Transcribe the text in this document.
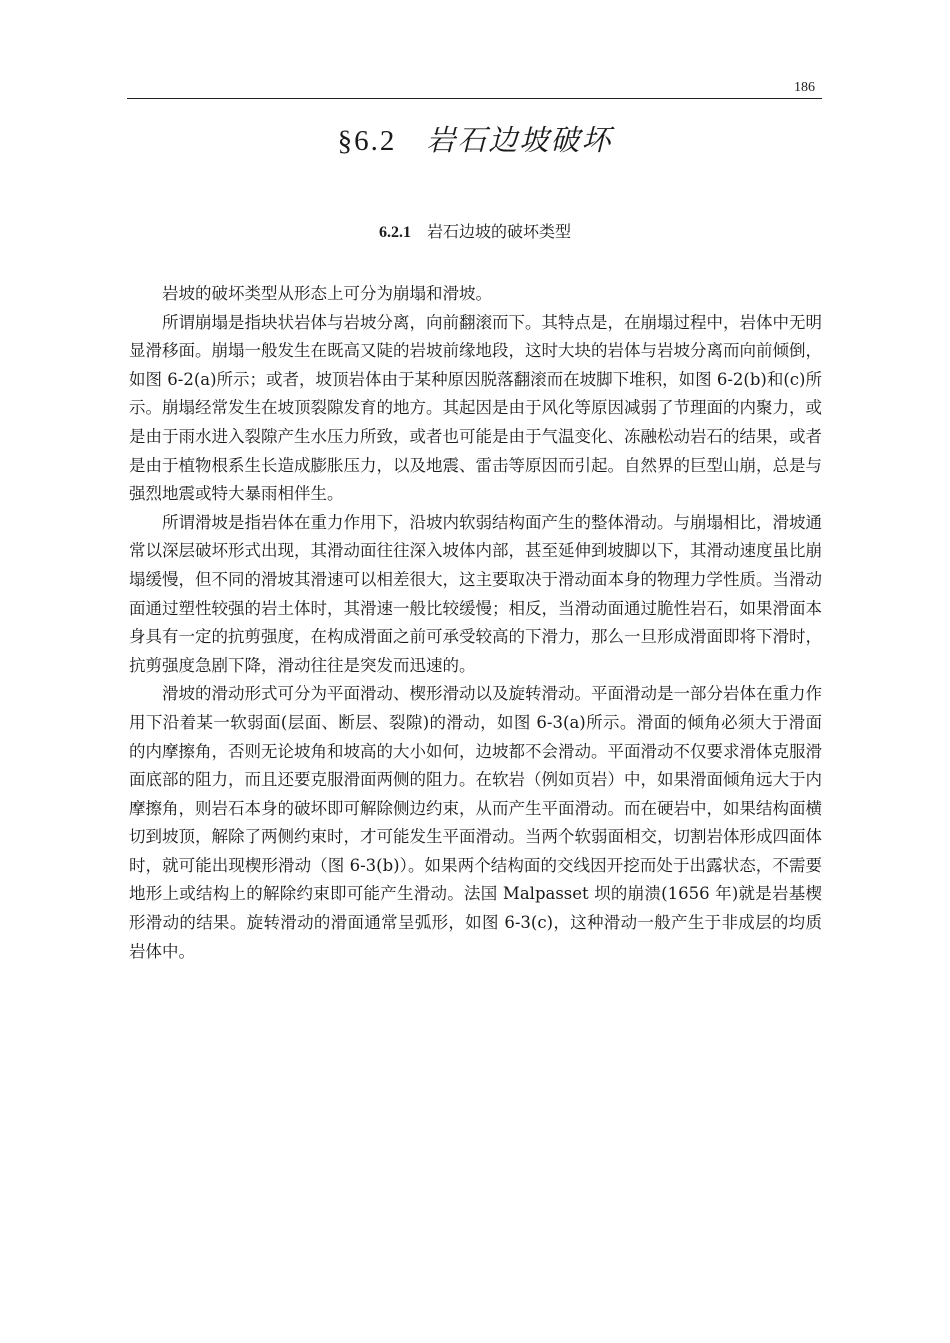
186
§6.2 岩石边坡破坏
6.2.1 岩石边坡的破坏类型

岩坡的破坏类型从形态上可分为崩塌和滑坡。

所谓崩塌是指块状岩体与岩坡分离，向前翻滚而下。其特点是，在崩塌过程中，岩体中无明显滑移面。崩塌一般发生在既高又陡的岩坡前缘地段，这时大块的岩体与岩坡分离而向前倾倒，如图 6-2(a)所示；或者，坡顶岩体由于某种原因脱落翻滚而在坡脚下堆积，如图 6-2(b)和(c)所示。崩塌经常发生在坡顶裂隙发育的地方。其起因是由于风化等原因减弱了节理面的内聚力，或是由于雨水进入裂隙产生水压力所致，或者也可能是由于气温变化、冻融松动岩石的结果，或者是由于植物根系生长造成膨胀压力，以及地震、雷击等原因而引起。自然界的巨型山崩，总是与强烈地震或特大暴雨相伴生。

所谓滑坡是指岩体在重力作用下，沿坡内软弱结构面产生的整体滑动。与崩塌相比，滑坡通常以深层破坏形式出现，其滑动面往往深入坡体内部，甚至延伸到坡脚以下，其滑动速度虽比崩塌缓慢，但不同的滑坡其滑速可以相差很大，这主要取决于滑动面本身的物理力学性质。当滑动面通过塑性较强的岩土体时，其滑速一般比较缓慢；相反，当滑动面通过脆性岩石，如果滑面本身具有一定的抗剪强度，在构成滑面之前可承受较高的下滑力，那么一旦形成滑面即将下滑时，抗剪强度急剧下降，滑动往往是突发而迅速的。

滑坡的滑动形式可分为平面滑动、楔形滑动以及旋转滑动。平面滑动是一部分岩体在重力作用下沿着某一软弱面(层面、断层、裂隙)的滑动，如图 6-3(a)所示。滑面的倾角必须大于滑面的内摩擦角，否则无论坡角和坡高的大小如何，边坡都不会滑动。平面滑动不仅要求滑体克服滑面底部的阻力，而且还要克服滑面两侧的阻力。在软岩（例如页岩）中，如果滑面倾角远大于内摩擦角，则岩石本身的破坏即可解除侧边约束，从而产生平面滑动。而在硬岩中，如果结构面横切到坡顶，解除了两侧约束时，才可能发生平面滑动。当两个软弱面相交，切割岩体形成四面体时，就可能出现楔形滑动（图 6-3(b)）。如果两个结构面的交线因开挖而处于出露状态，不需要地形上或结构上的解除约束即可能产生滑动。法国 Malpasset 坝的崩溃(1656 年)就是岩基楔形滑动的结果。旋转滑动的滑面通常呈弧形，如图 6-3(c)，这种滑动一般产生于非成层的均质岩体中。
